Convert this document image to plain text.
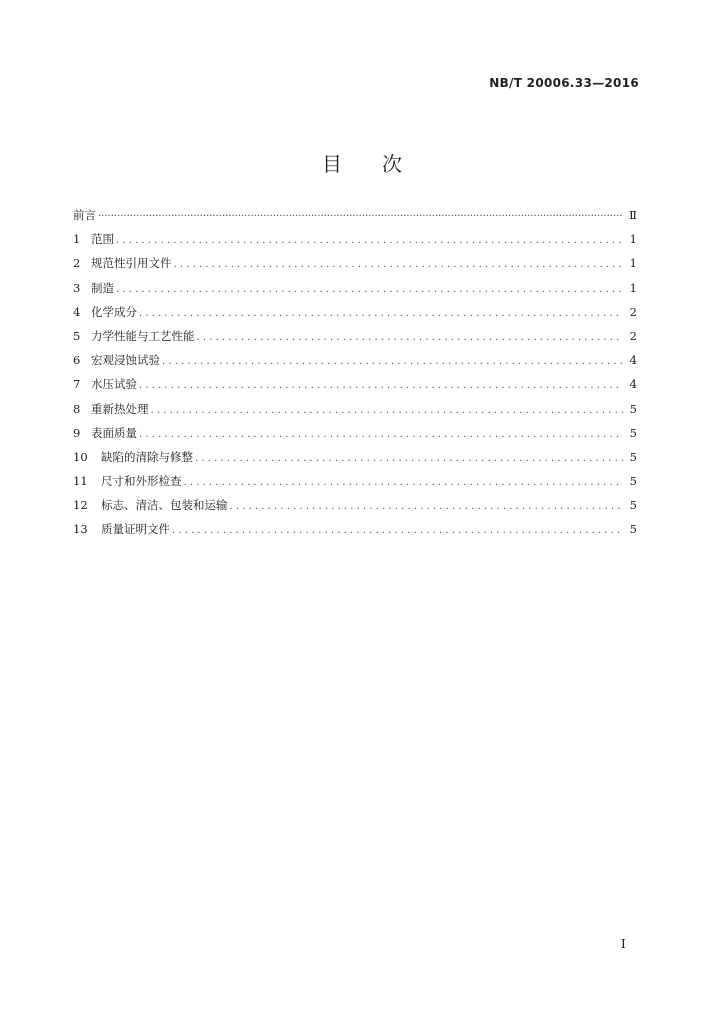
NB/T 20006.33—2016
目 次
前言 ·····	Ⅱ
1 范围 . . .	1
2 规范性引用文件 . . .	1
3 制造 . . .	1
4 化学成分 . . .	2
5 力学性能与工艺性能 . . .	2
6 宏观浸蚀试验 . . .	4
7 水压试验 . . .	4
8 重新热处理 . . .	5
9 表面质量 . . .	5
10	缺陷的清除与修整 . . .	5
11	尺寸和外形检查 . . .	5
12	标志、清洁、包装和运输 . . .	5
13	质量证明文件 . . .	5
I
